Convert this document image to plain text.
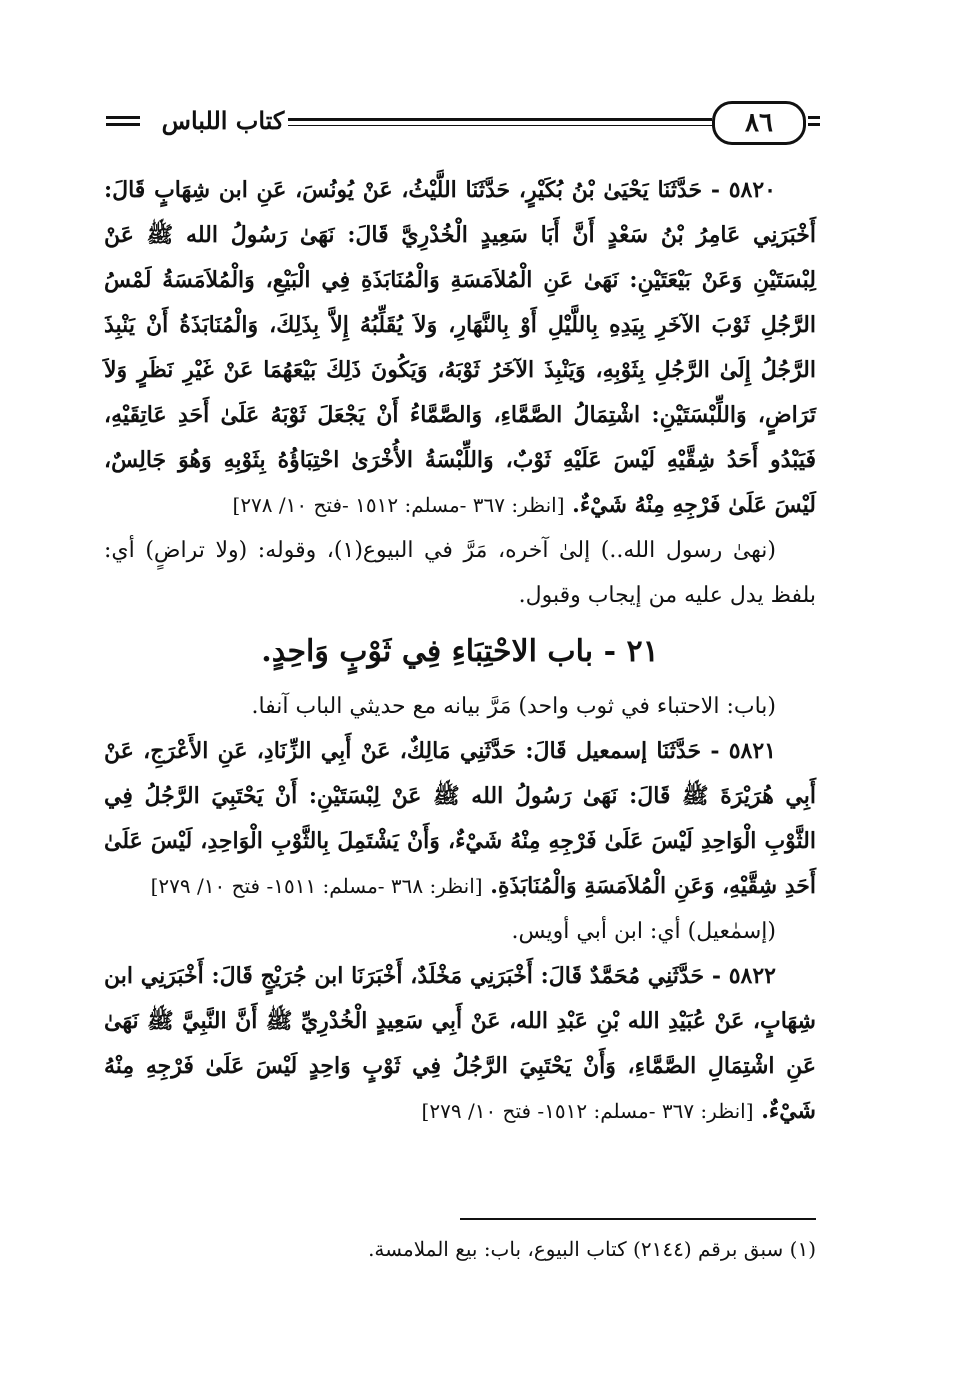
كتاب اللباس	٨٦

٥٨٢٠ - حَدَّثَنَا يَحْيَىٰ بْنُ بُكَيْرٍ، حَدَّثَنَا اللَّيْثُ، عَنْ يُونُسَ، عَنِ ابن شِهَابٍ قَالَ: أَخْبَرَنِي عَامِرُ بْنُ سَعْدٍ أَنَّ أَبَا سَعِيدٍ الْخُدْرِيَّ قَالَ: نَهَىٰ رَسُولُ الله ﷺ عَنْ لِبْسَتَيْنِ وَعَنْ بَيْعَتَيْنِ: نَهَىٰ عَنِ الْمُلاَمَسَةِ وَالْمُنَابَذَةِ فِي الْبَيْعِ، وَالْمُلاَمَسَةُ لَمْسُ الرَّجُلِ ثَوْبَ الآخَرِ بِيَدِهِ بِاللَّيْلِ أَوْ بِالنَّهَارِ، وَلاَ يُقَلِّبُهُ إِلاَّ بِذَلِكَ، وَالْمُنَابَذَةُ أَنْ يَنْبِذَ الرَّجُلُ إِلَىٰ الرَّجُلِ بِثَوْبِهِ، وَيَنْبِذَ الآخَرُ ثَوْبَهُ، وَيَكُونَ ذَلِكَ بَيْعَهُمَا عَنْ غَيْرِ نَظَرٍ وَلاَ تَرَاضٍ، وَاللِّبْسَتَيْنِ: اشْتِمَالُ الصَّمَّاءِ، وَالصَّمَّاءُ أَنْ يَجْعَلَ ثَوْبَهُ عَلَىٰ أَحَدِ عَاتِقَيْهِ، فَيَبْدُو أَحَدُ شِقَّيْهِ لَيْسَ عَلَيْهِ ثَوْبٌ، وَاللِّبْسَةُ الأُخْرَىٰ احْتِبَاؤُهُ بِثَوْبِهِ وَهُوَ جَالِسٌ، لَيْسَ عَلَىٰ فَرْجِهِ مِنْهُ شَيْءٌ. [انظر: ٣٦٧ -مسلم: ١٥١٢ -فتح ١٠/ ٢٧٨]

(نهىٰ رسول الله..) إلىٰ آخره، مَرَّ في البيوع(١)، وقوله: (ولا تراضٍ) أي: بلفظ يدل عليه من إيجاب وقبول.

٢١ - باب الاحْتِبَاءِ فِي ثَوْبٍ وَاحِدٍ.

(باب: الاحتباء في ثوب واحد) مَرَّ بيانه مع حديثي الباب آنفا.

٥٨٢١ - حَدَّثَنَا إسمعيل قَالَ: حَدَّثَنِي مَالِكٌ، عَنْ أَبِي الزِّنَادِ، عَنِ الأَعْرَجِ، عَنْ أَبِي هُرَيْرَةَ ﷺ قَالَ: نَهَىٰ رَسُولُ الله ﷺ عَنْ لِبْسَتَيْنِ: أَنْ يَحْتَبِيَ الرَّجُلُ فِي الثَّوْبِ الْوَاحِدِ لَيْسَ عَلَىٰ فَرْجِهِ مِنْهُ شَيْءٌ، وَأَنْ يَشْتَمِلَ بِالثَّوْبِ الْوَاحِدِ، لَيْسَ عَلَىٰ أَحَدِ شِقَّيْهِ، وَعَنِ الْمُلاَمَسَةِ وَالْمُنَابَذَةِ. [انظر: ٣٦٨ -مسلم: ١٥١١- فتح ١٠/ ٢٧٩]

(إسمٰعيل) أي: ابن أبي أويس.

٥٨٢٢ - حَدَّثَنِي مُحَمَّدٌ قَالَ: أَخْبَرَنِي مَخْلَدٌ، أَخْبَرَنَا ابن جُرَيْجٍ قَالَ: أَخْبَرَنِي ابن شِهَابٍ، عَنْ عُبَيْدِ الله بْنِ عَبْدِ الله، عَنْ أَبِي سَعِيدٍ الْخُدْرِيِّ ﷺ أَنَّ النَّبِيَّ ﷺ نَهَىٰ عَنِ اشْتِمَالِ الصَّمَّاءِ، وَأَنْ يَحْتَبِيَ الرَّجُلُ فِي ثَوْبٍ وَاحِدٍ لَيْسَ عَلَىٰ فَرْجِهِ مِنْهُ شَيْءٌ. [انظر: ٣٦٧ -مسلم: ١٥١٢- فتح ١٠/ ٢٧٩]

(١) سبق برقم (٢١٤٤) كتاب البيوع، باب: بيع الملامسة.
